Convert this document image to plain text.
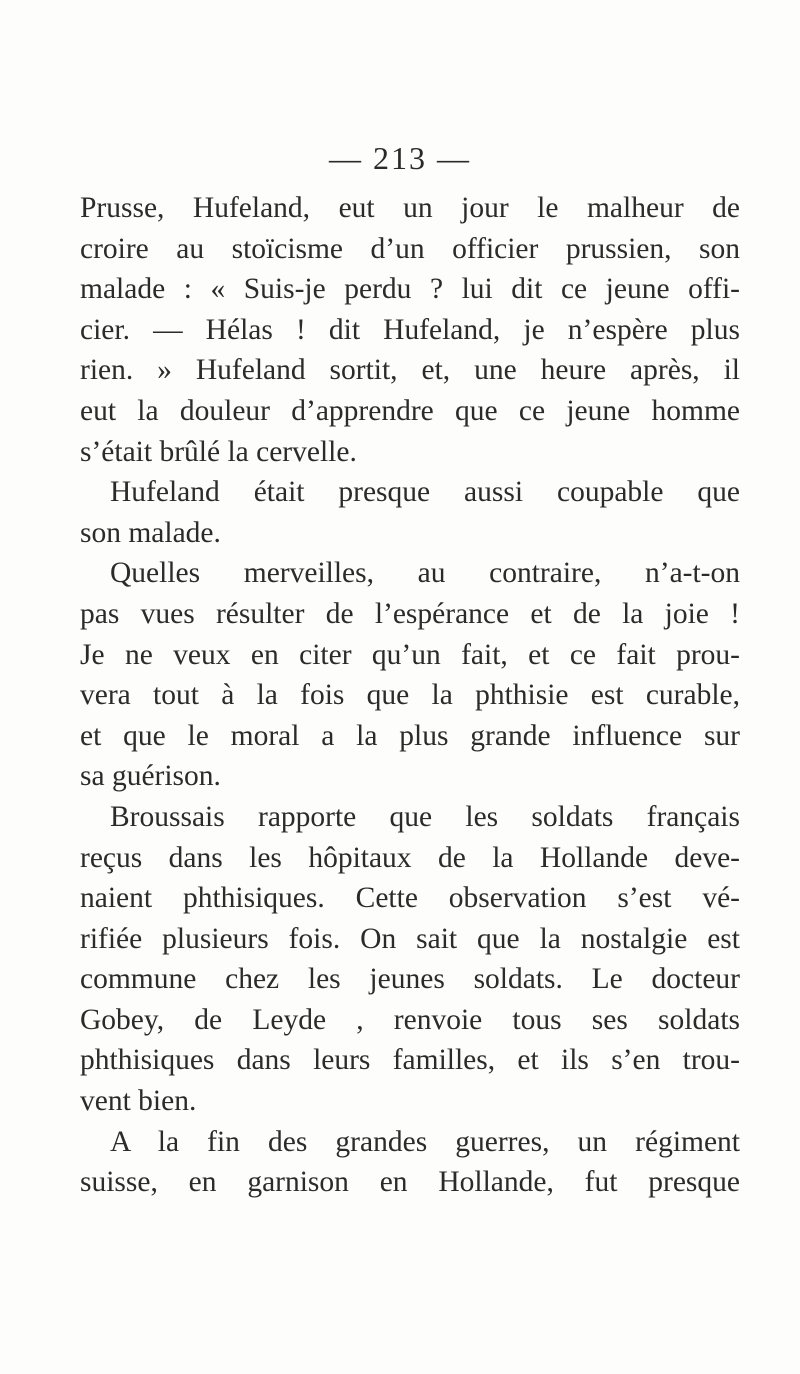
— 213 —
Prusse, Hufeland, eut un jour le malheur de
croire au stoïcisme d’un officier prussien, son
malade : « Suis-je perdu ? lui dit ce jeune offi-
cier. — Hélas ! dit Hufeland, je n’espère plus
rien. » Hufeland sortit, et, une heure après, il
eut la douleur d’apprendre que ce jeune homme
s’était brûlé la cervelle.
Hufeland était presque aussi coupable que
son malade.
Quelles merveilles, au contraire, n’a-t-on
pas vues résulter de l’espérance et de la joie !
Je ne veux en citer qu’un fait, et ce fait prou-
vera tout à la fois que la phthisie est curable,
et que le moral a la plus grande influence sur
sa guérison.
Broussais rapporte que les soldats français
reçus dans les hôpitaux de la Hollande deve-
naient phthisiques. Cette observation s’est vé-
rifiée plusieurs fois. On sait que la nostalgie est
commune chez les jeunes soldats. Le docteur
Gobey, de Leyde , renvoie tous ses soldats
phthisiques dans leurs familles, et ils s’en trou-
vent bien.
A la fin des grandes guerres, un régiment
suisse, en garnison en Hollande, fut presque
